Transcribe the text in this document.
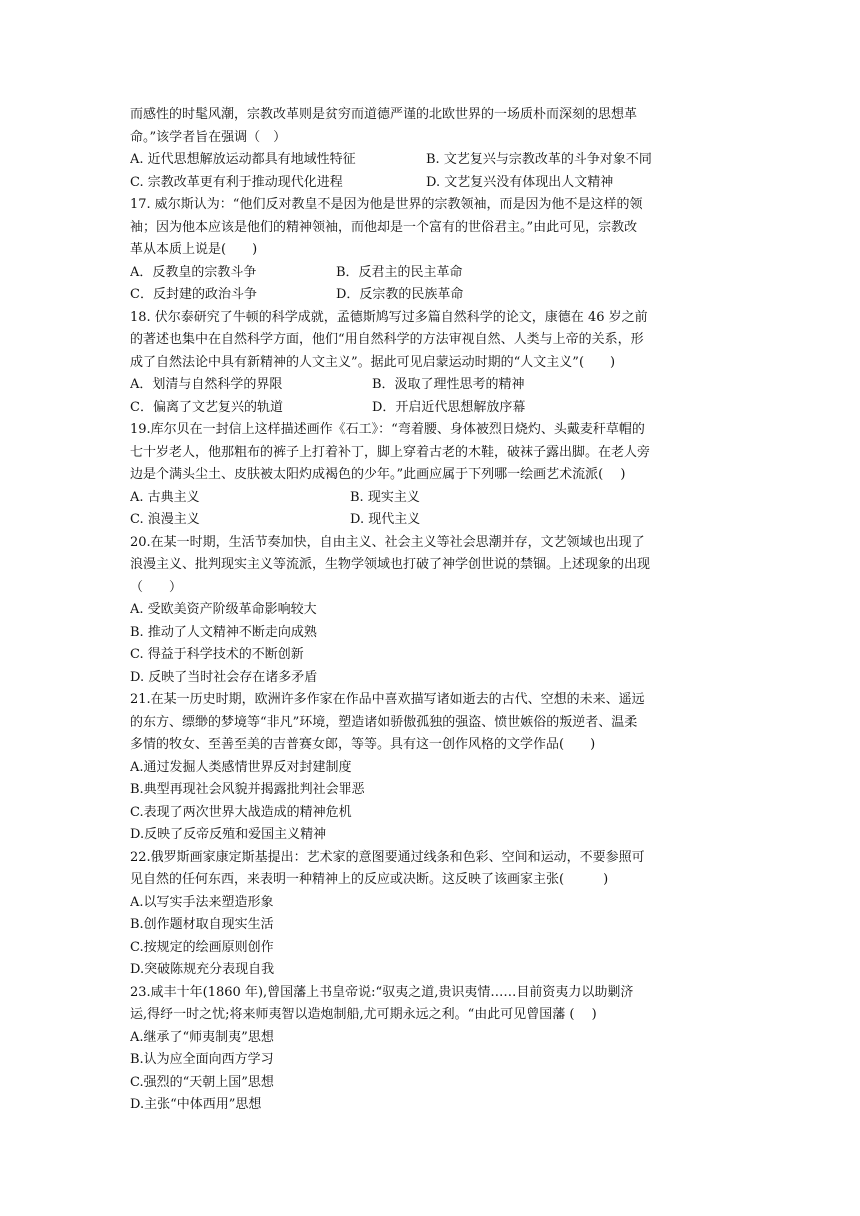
而感性的时髦风潮，宗教改革则是贫穷而道德严谨的北欧世界的一场质朴而深刻的思想革
命。”该学者旨在强调（　）
A. 近代思想解放运动都具有地域性特征	B. 文艺复兴与宗教改革的斗争对象不同
C. 宗教改革更有利于推动现代化进程	D. 文艺复兴没有体现出人文精神
17. 威尔斯认为：“他们反对教皇不是因为他是世界的宗教领袖，而是因为他不是这样的领
袖；因为他本应该是他们的精神领袖，而他却是一个富有的世俗君主。”由此可见，宗教改
革从本质上说是(　　)
A．反教皇的宗教斗争	B．反君主的民主革命
C．反封建的政治斗争	D．反宗教的民族革命
18. 伏尔泰研究了牛顿的科学成就，孟德斯鸠写过多篇自然科学的论文，康德在 46 岁之前
的著述也集中在自然科学方面，他们“用自然科学的方法审视自然、人类与上帝的关系，形
成了自然法论中具有新精神的人文主义”。据此可见启蒙运动时期的“人文主义”(　　)
A．划清与自然科学的界限	B．汲取了理性思考的精神
C．偏离了文艺复兴的轨道	D．开启近代思想解放序幕
19.库尔贝在一封信上这样描述画作《石工》：“弯着腰、身体被烈日烧灼、头戴麦秆草帽的
七十岁老人，他那粗布的裤子上打着补丁，脚上穿着古老的木鞋，破袜子露出脚。在老人旁
边是个满头尘土、皮肤被太阳灼成褐色的少年。”此画应属于下列哪一绘画艺术流派(　 )
A. 古典主义	B. 现实主义
C. 浪漫主义	D. 现代主义
20.在某一时期，生活节奏加快，自由主义、社会主义等社会思潮并存，文艺领域也出现了
浪漫主义、批判现实主义等流派，生物学领域也打破了神学创世说的禁锢。上述现象的出现
（　　）
A. 受欧美资产阶级革命影响较大
B. 推动了人文精神不断走向成熟
C. 得益于科学技术的不断创新
D. 反映了当时社会存在诸多矛盾
21.在某一历史时期，欧洲许多作家在作品中喜欢描写诸如逝去的古代、空想的未来、遥远
的东方、缥缈的梦境等“非凡”环境，塑造诸如骄傲孤独的强盗、愤世嫉俗的叛逆者、温柔
多情的牧女、至善至美的吉普赛女郎，等等。具有这一创作风格的文学作品(　　)
A.通过发掘人类感情世界反对封建制度
B.典型再现社会风貌并揭露批判社会罪恶
C.表现了两次世界大战造成的精神危机
D.反映了反帝反殖和爱国主义精神
22.俄罗斯画家康定斯基提出：艺术家的意图要通过线条和色彩、空间和运动，不要参照可
见自然的任何东西，来表明一种精神上的反应或决断。这反映了该画家主张(　　　)
A.以写实手法来塑造形象
B.创作题材取自现实生活
C.按规定的绘画原则创作
D.突破陈规充分表现自我
23.咸丰十年(1860 年),曾国藩上书皇帝说:“驭夷之道,贵识夷情……目前资夷力以助剿济
运,得纾一时之忧;将来师夷智以造炮制船,尤可期永远之利。“由此可见曾国藩 (　 )
A.继承了“师夷制夷”思想
B.认为应全面向西方学习
C.强烈的“天朝上国”思想
D.主张“中体西用”思想
